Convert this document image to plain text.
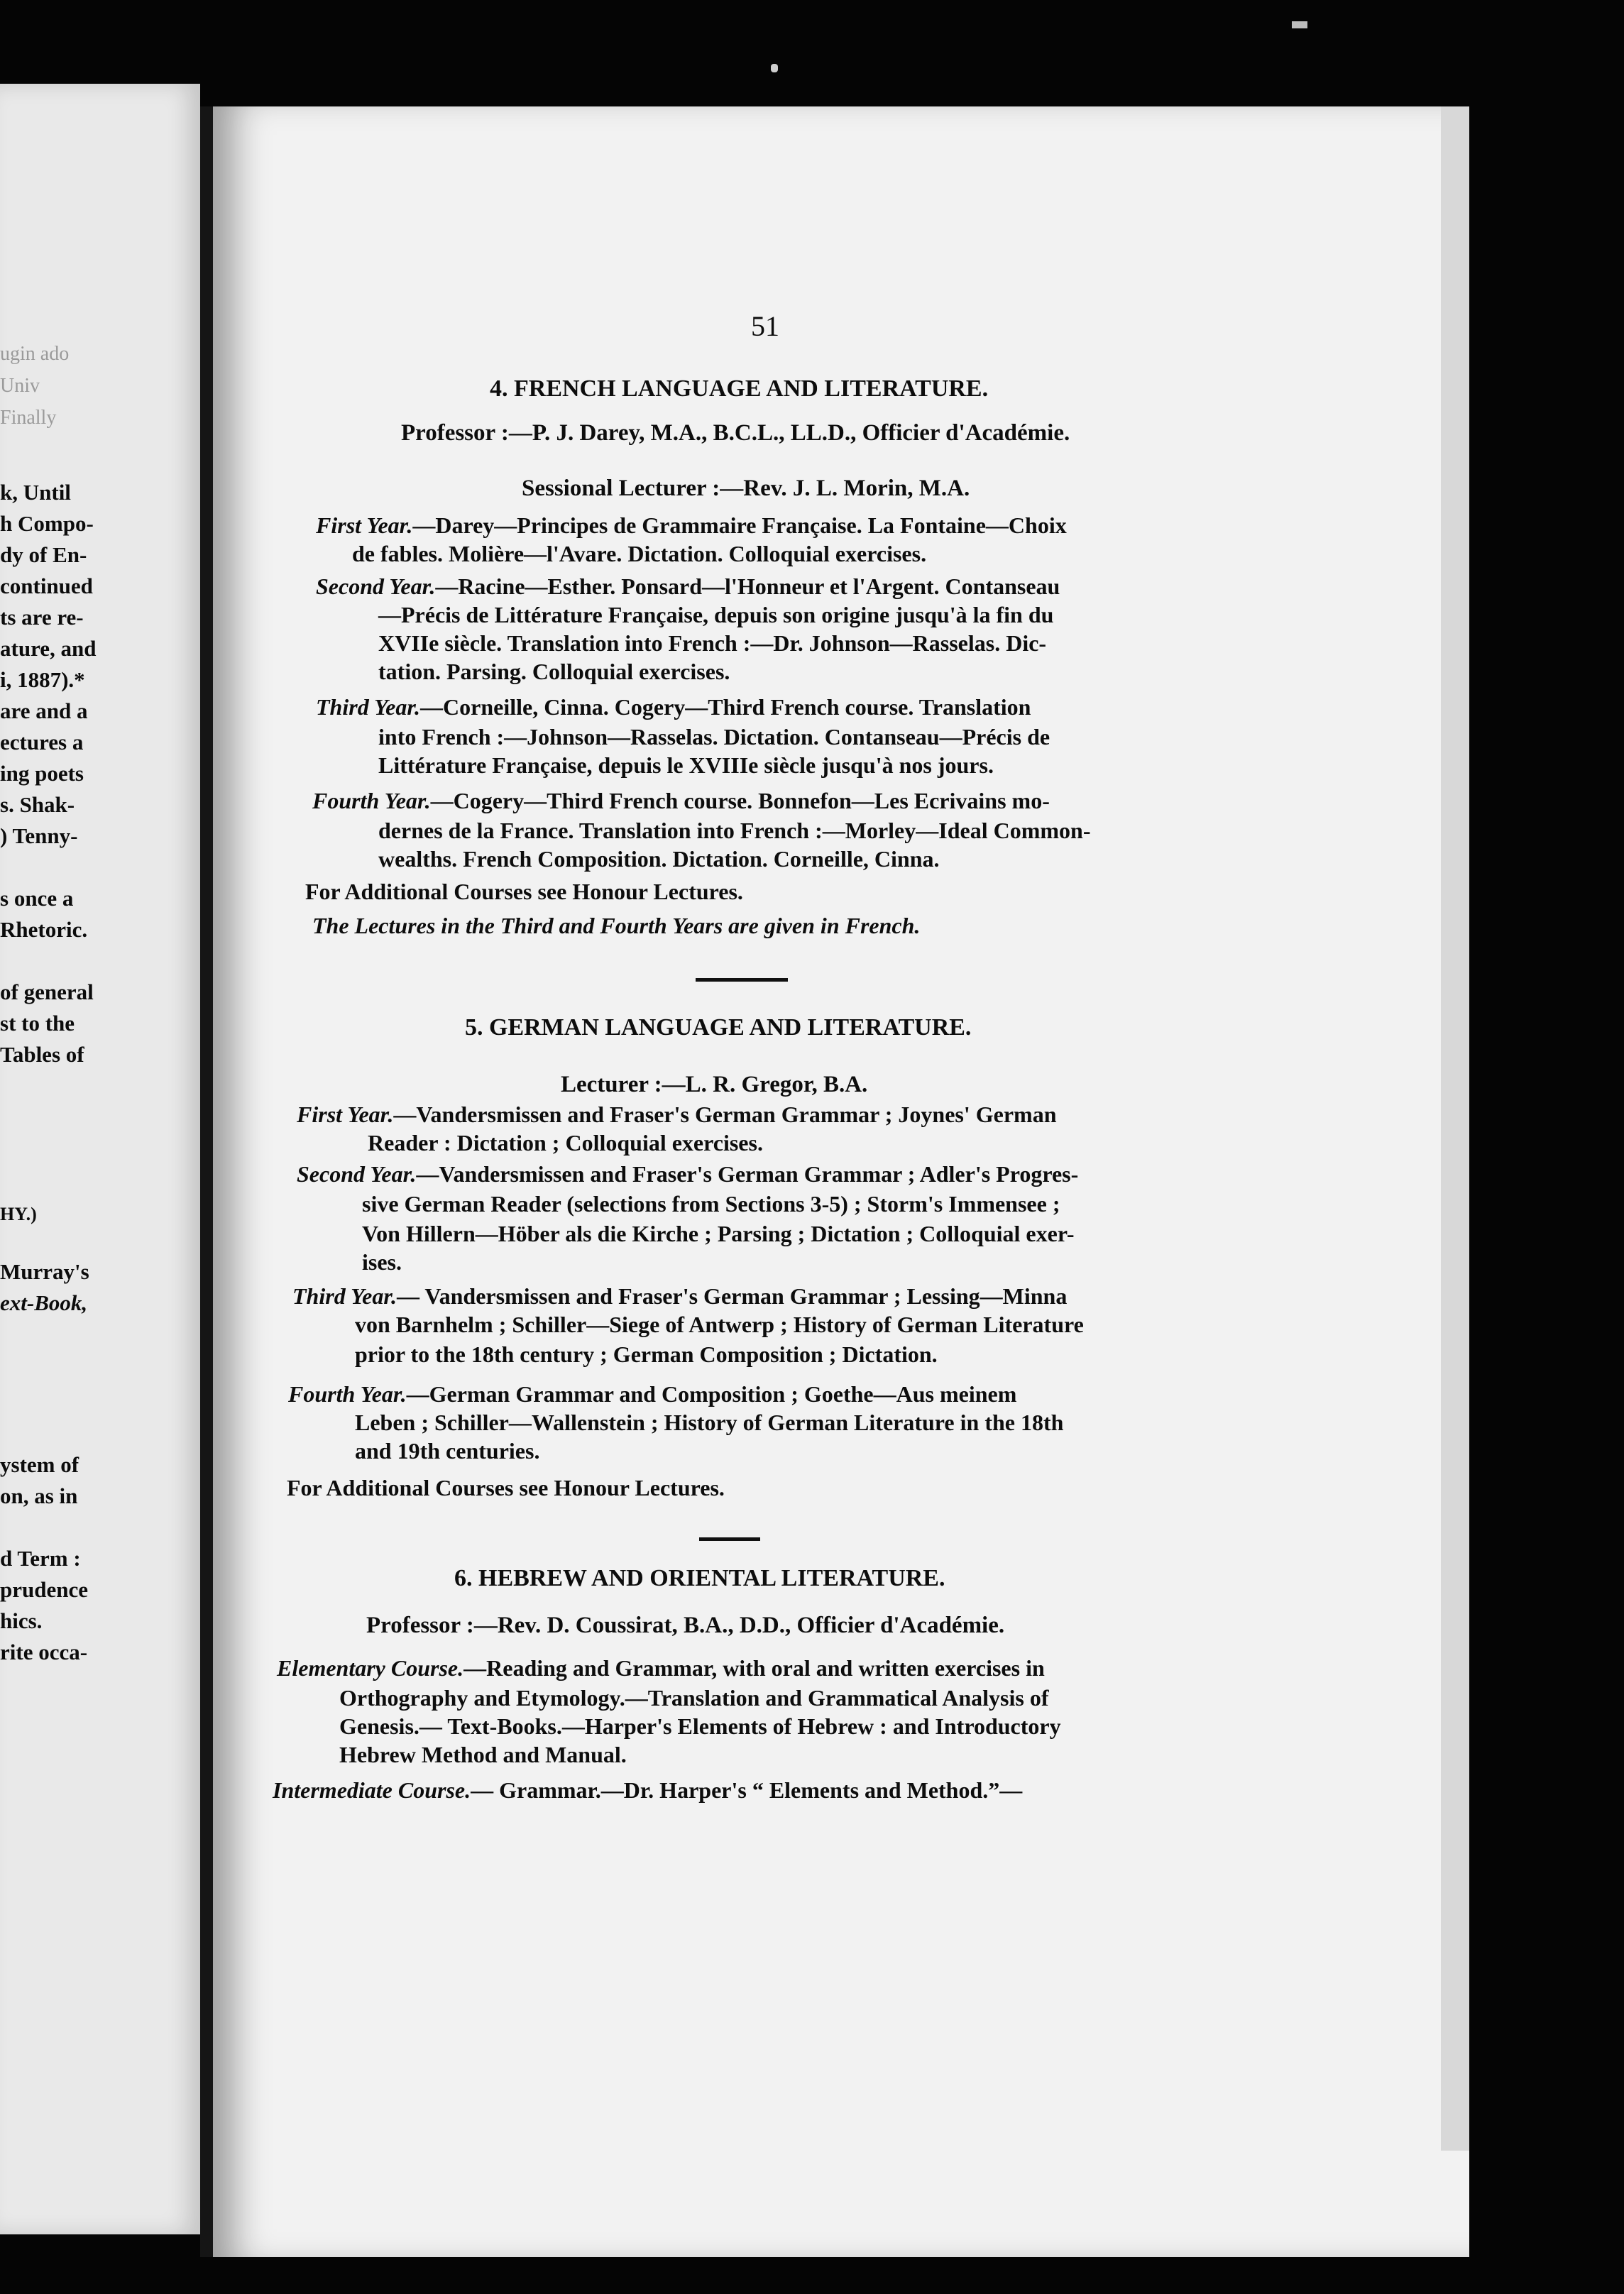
ugin ado
Univ
Finally
k, Until
h Compo-
dy of En-
continued
ts are re-
ature, and
i, 1887).*
are and a
ectures a
ing poets
s. Shak-
) Tenny-
s once a
Rhetoric.
of general
st to the
Tables of
HY.)
Murray's
ext-Book,
ystem of
on, as in
d Term :
prudence
hics.
rite occa-
51
4. FRENCH LANGUAGE AND LITERATURE.
Professor :—P. J. Darey, M.A., B.C.L., LL.D., Officier d'Académie.
Sessional Lecturer :—Rev. J. L. Morin, M.A.
First Year.—Darey—Principes de Grammaire Française. La Fontaine—Choix
de fables. Molière—l'Avare. Dictation. Colloquial exercises.
Second Year.—Racine—Esther. Ponsard—l'Honneur et l'Argent. Contanseau
—Précis de Littérature Française, depuis son origine jusqu'à la fin du
XVIIe siècle. Translation into French :—Dr. Johnson—Rasselas. Dic-
tation. Parsing. Colloquial exercises.
Third Year.—Corneille, Cinna. Cogery—Third French course. Translation
into French :—Johnson—Rasselas. Dictation. Contanseau—Précis de
Littérature Française, depuis le XVIIIe siècle jusqu'à nos jours.
Fourth Year.—Cogery—Third French course. Bonnefon—Les Ecrivains mo-
dernes de la France. Translation into French :—Morley—Ideal Common-
wealths. French Composition. Dictation. Corneille, Cinna.
For Additional Courses see Honour Lectures.
The Lectures in the Third and Fourth Years are given in French.
5. GERMAN LANGUAGE AND LITERATURE.
Lecturer :—L. R. Gregor, B.A.
First Year.—Vandersmissen and Fraser's German Grammar ; Joynes' German
Reader : Dictation ; Colloquial exercises.
Second Year.—Vandersmissen and Fraser's German Grammar ; Adler's Progres-
sive German Reader (selections from Sections 3-5) ; Storm's Immensee ;
Von Hillern—Höber als die Kirche ; Parsing ; Dictation ; Colloquial exer-
ises.
Third Year.— Vandersmissen and Fraser's German Grammar ; Lessing—Minna
von Barnhelm ; Schiller—Siege of Antwerp ; History of German Literature
prior to the 18th century ; German Composition ; Dictation.
Fourth Year.—German Grammar and Composition ; Goethe—Aus meinem
Leben ; Schiller—Wallenstein ; History of German Literature in the 18th
and 19th centuries.
For Additional Courses see Honour Lectures.
6. HEBREW AND ORIENTAL LITERATURE.
Professor :—Rev. D. Coussirat, B.A., D.D., Officier d'Académie.
Elementary Course.—Reading and Grammar, with oral and written exercises in
Orthography and Etymology.—Translation and Grammatical Analysis of
Genesis.— Text-Books.—Harper's Elements of Hebrew : and Introductory
Hebrew Method and Manual.
Intermediate Course.— Grammar.—Dr. Harper's “ Elements and Method.”—
